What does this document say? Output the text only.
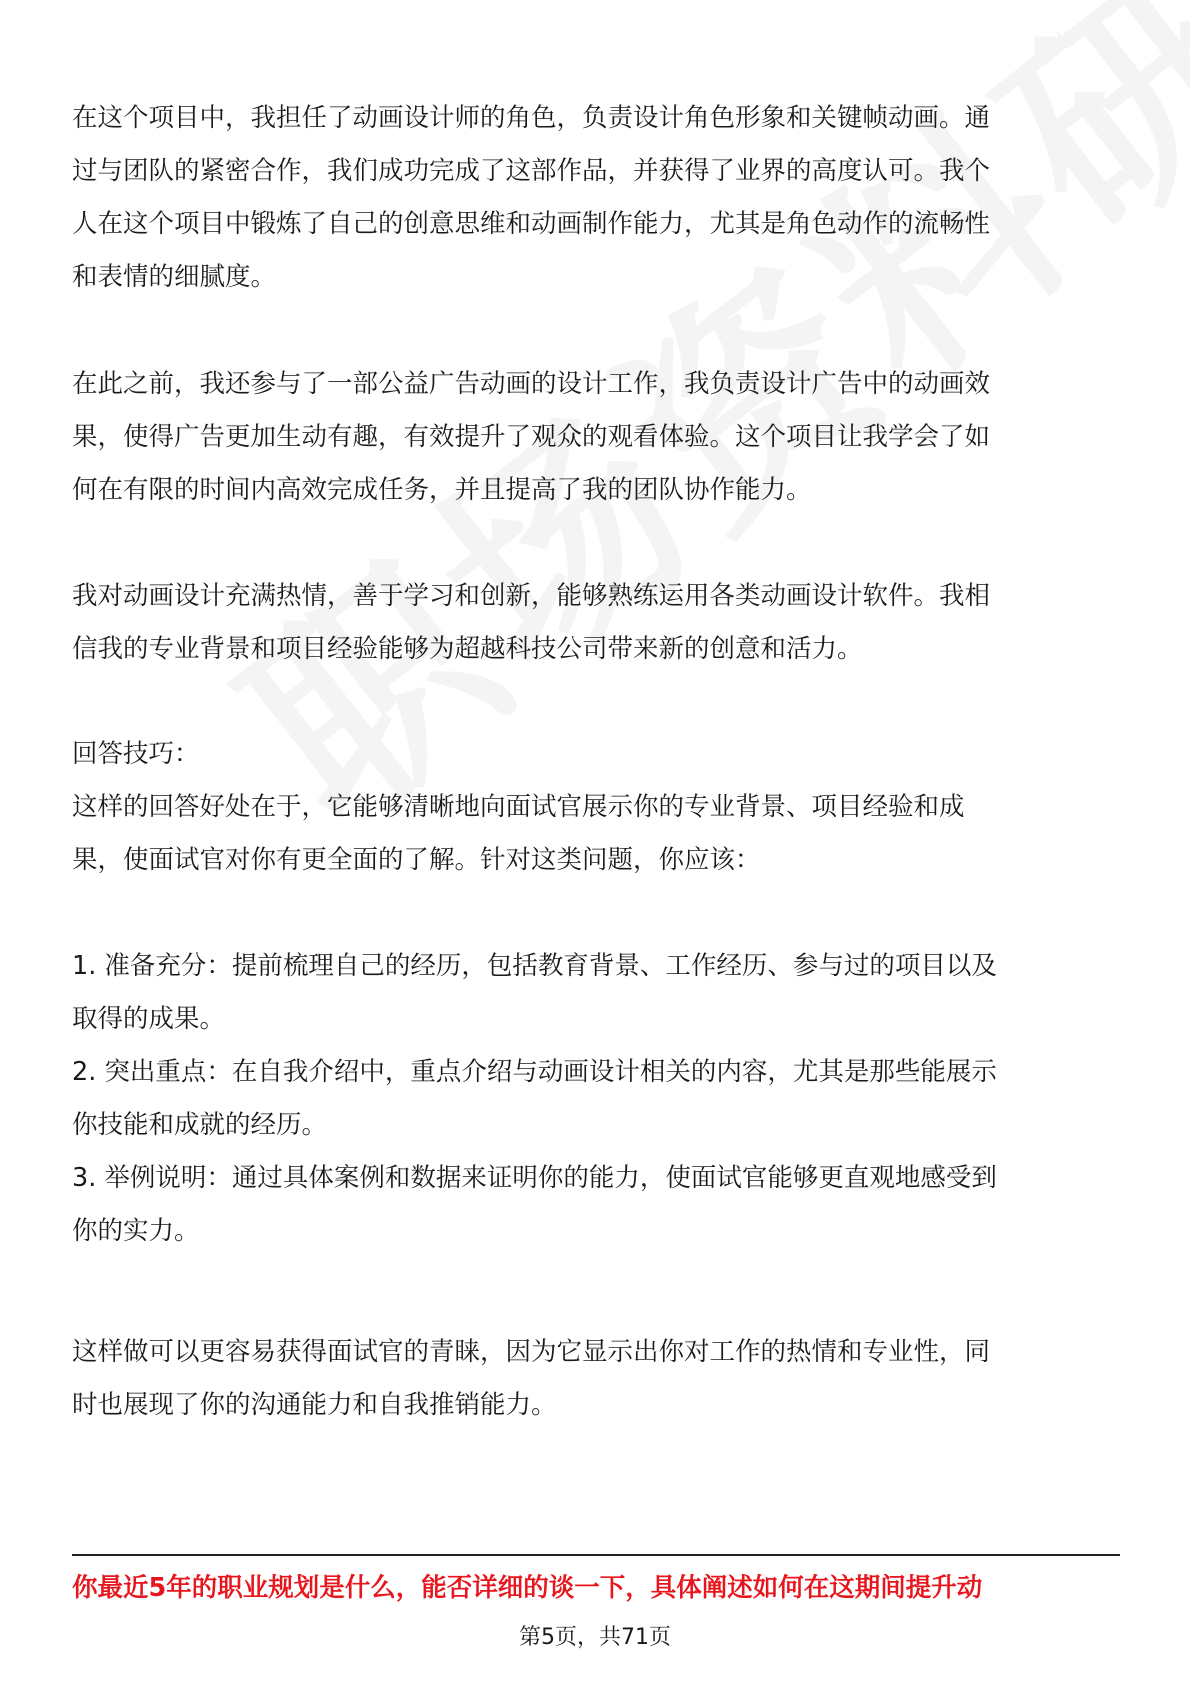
在这个项目中，我担任了动画设计师的角色，负责设计角色形象和关键帧动画。通
过与团队的紧密合作，我们成功完成了这部作品，并获得了业界的高度认可。我个
人在这个项目中锻炼了自己的创意思维和动画制作能力，尤其是角色动作的流畅性
和表情的细腻度。
在此之前，我还参与了一部公益广告动画的设计工作，我负责设计广告中的动画效
果，使得广告更加生动有趣，有效提升了观众的观看体验。这个项目让我学会了如
何在有限的时间内高效完成任务，并且提高了我的团队协作能力。
我对动画设计充满热情，善于学习和创新，能够熟练运用各类动画设计软件。我相
信我的专业背景和项目经验能够为超越科技公司带来新的创意和活力。
回答技巧：
这样的回答好处在于，它能够清晰地向面试官展示你的专业背景、项目经验和成
果，使面试官对你有更全面的了解。针对这类问题，你应该：
1. 准备充分：提前梳理自己的经历，包括教育背景、工作经历、参与过的项目以及
取得的成果。
2. 突出重点：在自我介绍中，重点介绍与动画设计相关的内容，尤其是那些能展示
你技能和成就的经历。
3. 举例说明：通过具体案例和数据来证明你的能力，使面试官能够更直观地感受到
你的实力。
这样做可以更容易获得面试官的青睐，因为它显示出你对工作的热情和专业性，同
时也展现了你的沟通能力和自我推销能力。
你最近5年的职业规划是什么，能否详细的谈一下，具体阐述如何在这期间提升动
第5页，共71页
